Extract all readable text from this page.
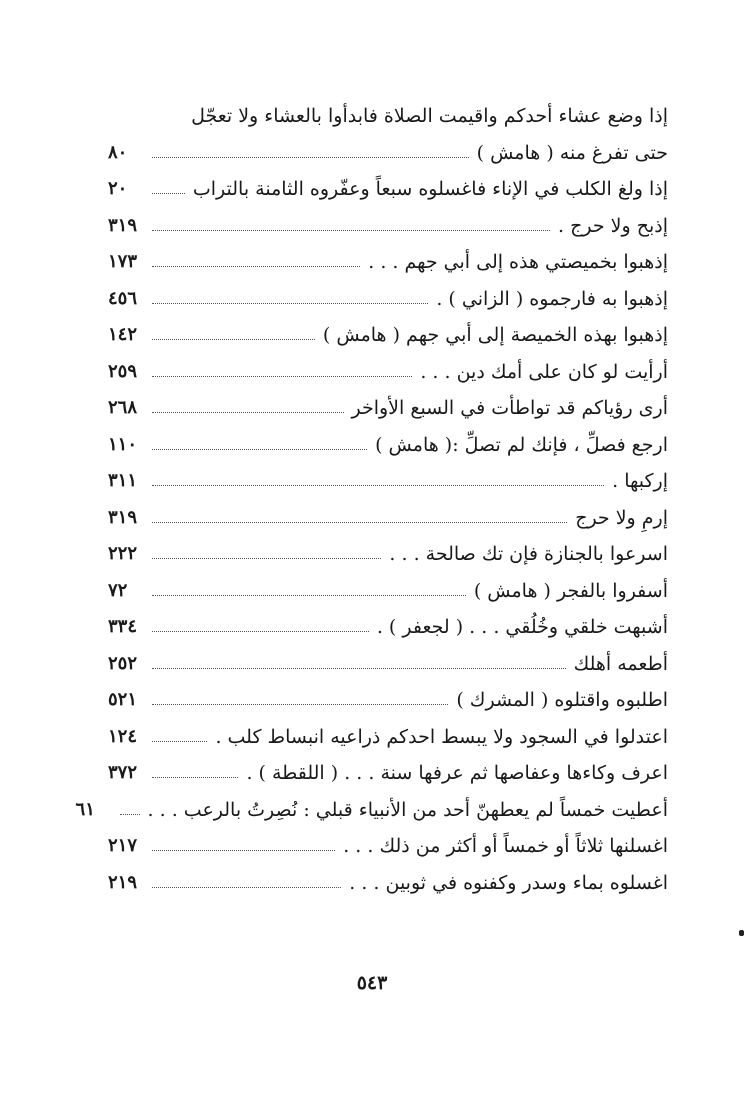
إذا وضع عشاء أحدكم واقيمت الصلاة فابدأوا بالعشاء ولا تعجّل
حتى تفرغ منه ( هامش )
٨٠
إذا ولغ الكلب في الإناء فاغسلوه سبعاً وعفّروه الثامنة بالتراب
٢٠
إذبح ولا حرج .
٣١٩
إذهبوا بخميصتي هذه إلى أبي جهم . . .
١٧٣
إذهبوا به فارجموه ( الزاني ) .
٤٥٦
إذهبوا بهذه الخميصة إلى أبي جهم ( هامش )
١٤٢
أرأيت لو كان على أمك دين . . .
٢٥٩
أرى رؤياكم قد تواطأت في السبع الأواخر
٢٦٨
ارجع فصلِّ ، فإنك لم تصلِّ :( هامش )
١١٠
إركبها .
٣١١
إرمِ ولا حرج
٣١٩
اسرعوا بالجنازة فإن تك صالحة . . .
٢٢٢
أسفروا بالفجر ( هامش )
٧٢
أشبهت خلقي وخُلُقي . . . ( لجعفر ) .
٣٣٤
أطعمه أهلك
٢٥٢
اطلبوه واقتلوه ( المشرك )
٥٢١
اعتدلوا في السجود ولا يبسط احدكم ذراعيه انبساط كلب .
١٢٤
اعرف وكاءها وعفاصها ثم عرفها سنة . . . ( اللقطة ) .
٣٧٢
أعطيت خمساً لم يعطهنّ أحد من الأنبياء قبلي : نُصِرتُ بالرعب . . .
٦١
اغسلنها ثلاثاً أو خمساً أو أكثر من ذلك . . .
٢١٧
اغسلوه بماء وسدر وكفنوه في ثوبين . . .
٢١٩
٥٤٣
